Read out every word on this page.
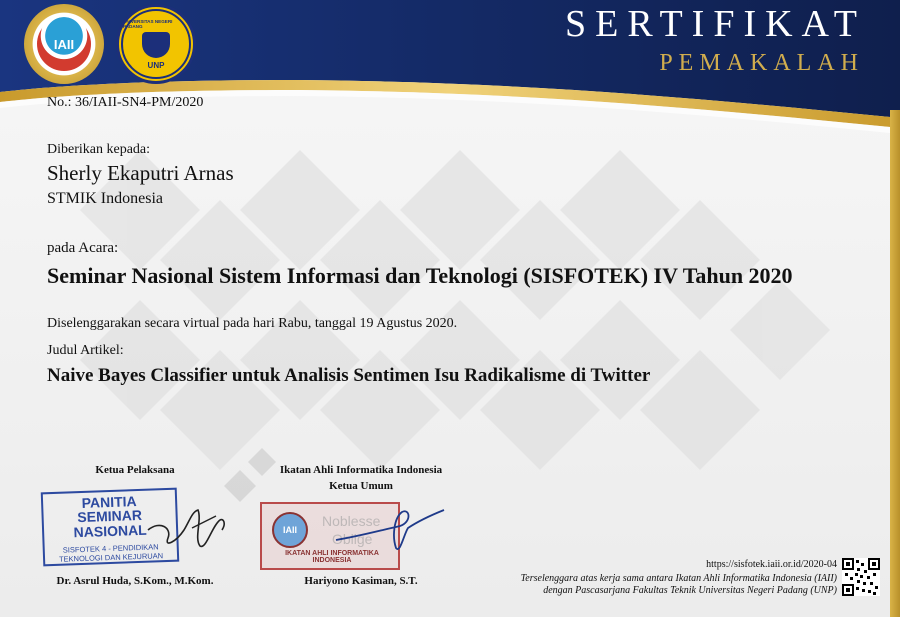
IAII
UNIVERSITAS NEGERI PADANG
UNP
SERTIFIKAT
PEMAKALAH
No.: 36/IAII-SN4-PM/2020
Diberikan kepada:
Sherly Ekaputri Arnas
STMIK Indonesia
pada Acara:
Seminar Nasional Sistem Informasi dan Teknologi (SISFOTEK) IV Tahun 2020
Diselenggarakan secara virtual pada hari Rabu, tanggal 19 Agustus 2020.
Judul Artikel:
Naive Bayes Classifier untuk Analisis Sentimen Isu Radikalisme di Twitter
Ketua Pelaksana	Ikatan Ahli Informatika Indonesia
Ketua Umum
PANITIA
SEMINAR NASIONAL
SISFOTEK 4 - PENDIDIKAN
TEKNOLOGI DAN KEJURUAN
IAII
Noblesse
Oblige
IKATAN AHLI INFORMATIKA INDONESIA
Dr. Asrul Huda, S.Kom., M.Kom.	Hariyono Kasiman, S.T.
https://sisfotek.iaii.or.id/2020-04
Terselenggara atas kerja sama antara Ikatan Ahli Informatika Indonesia (IAII)
dengan Pascasarjana Fakultas Teknik Universitas Negeri Padang (UNP)
